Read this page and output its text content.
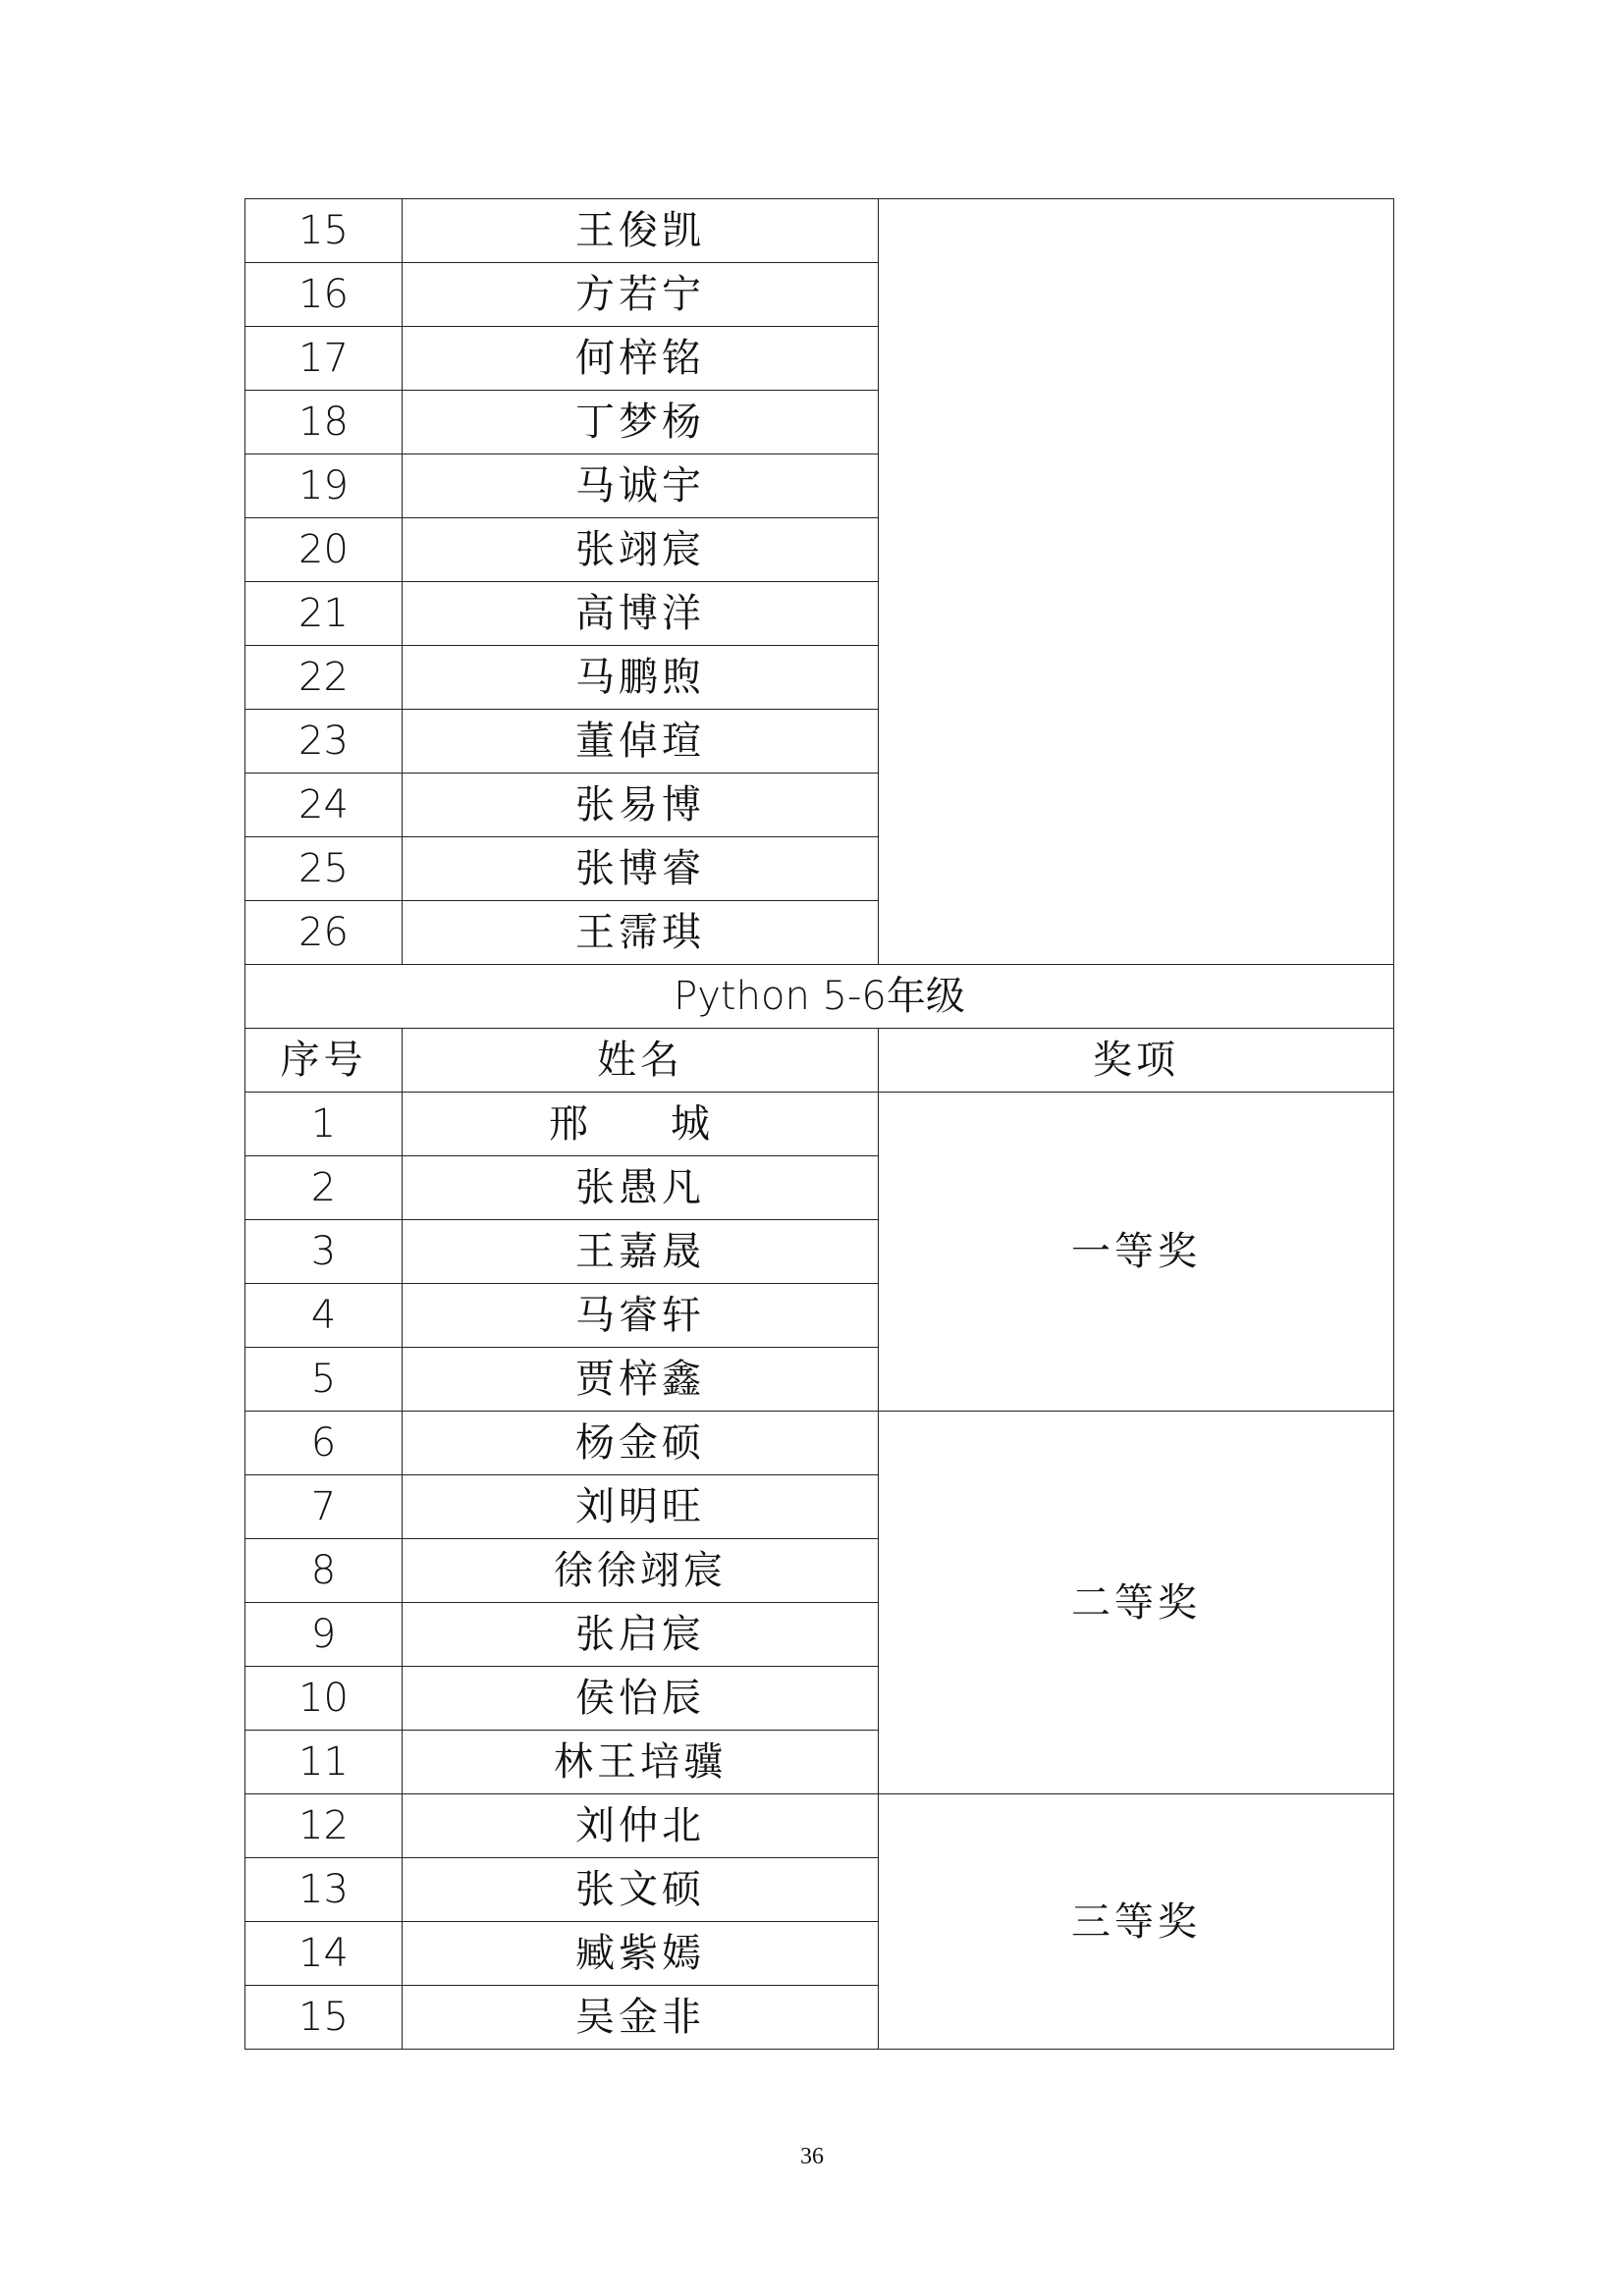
15	王俊凯	
16	方若宁	
17	何梓铭	
18	丁梦杨	
19	马诚宇	
20	张翊宸	
21	高博洋	
22	马鹏煦	
23	董倬瑄	
24	张易博	
25	张博睿	
26	王霈琪	
Python 5-6年级		
序号	姓名	奖项
1	邢　城	一等奖
2	张愚凡	
3	王嘉晟	
4	马睿轩	
5	贾梓鑫	
6	杨金硕	二等奖
7	刘明旺	
8	徐徐翊宸	
9	张启宸	
10	侯怡辰	
11	林王培骥	
12	刘仲北	三等奖
13	张文硕	
14	臧紫嫣	
15	吴金非	
36
